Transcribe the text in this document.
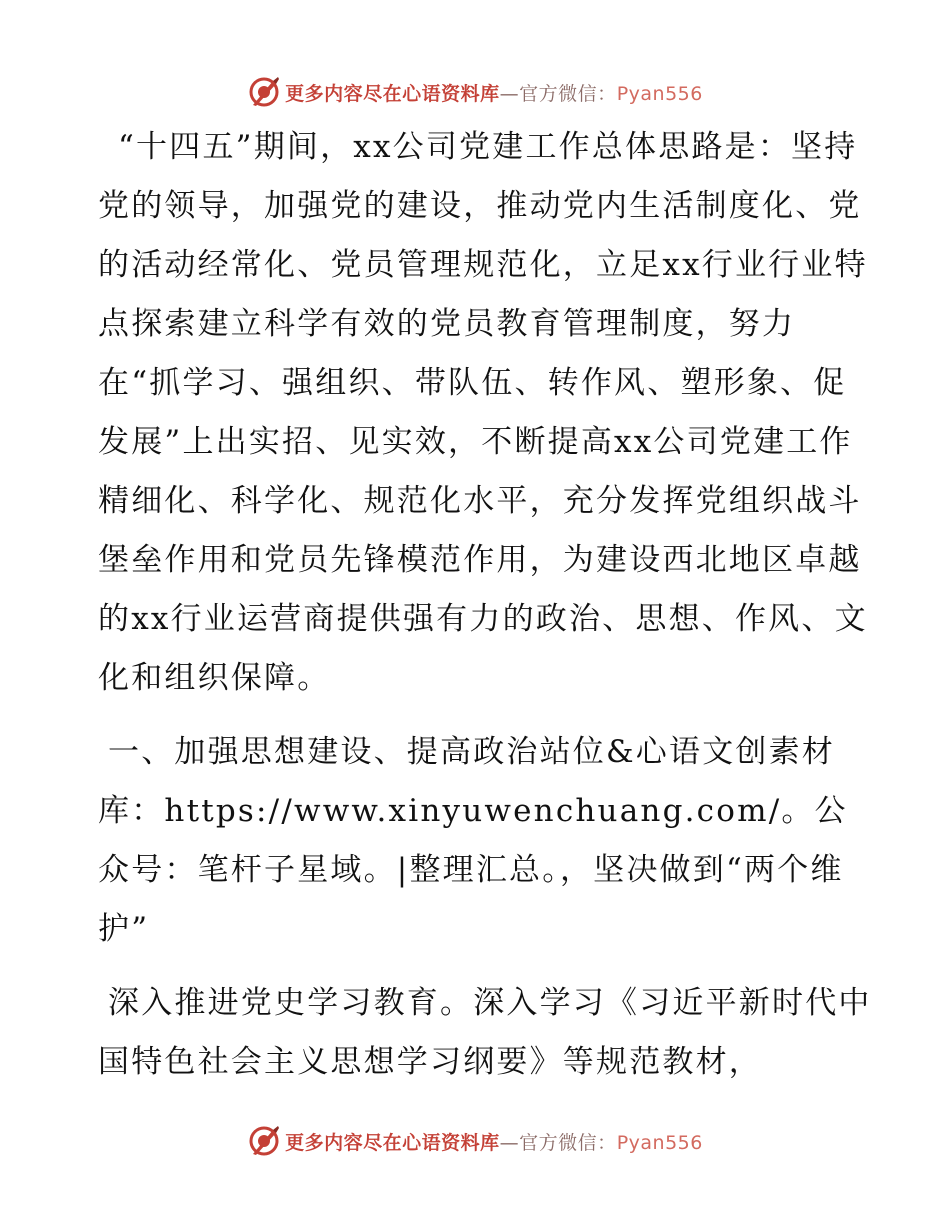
更多内容尽在心语资料库—官方微信：Pyan556

“十四五”期间，xx公司党建工作总体思路是：坚持党的领导，加强党的建设，推动党内生活制度化、党的活动经常化、党员管理规范化，立足xx行业行业特点探索建立科学有效的党员教育管理制度，努力在“抓学习、强组织、带队伍、转作风、塑形象、促发展”上出实招、见实效，不断提高xx公司党建工作精细化、科学化、规范化水平，充分发挥党组织战斗堡垒作用和党员先锋模范作用，为建设西北地区卓越的xx行业运营商提供强有力的政治、思想、作风、文化和组织保障。

一、加强思想建设、提高政治站位&心语文创素材库：https://www.xinyuwenchuang.com/。公众号：笔杆子星域。|整理汇总。，坚决做到“两个维护”

深入推进党史学习教育。深入学习《习近平新时代中国特色社会主义思想学习纲要》等规范教材，

更多内容尽在心语资料库—官方微信：Pyan556
